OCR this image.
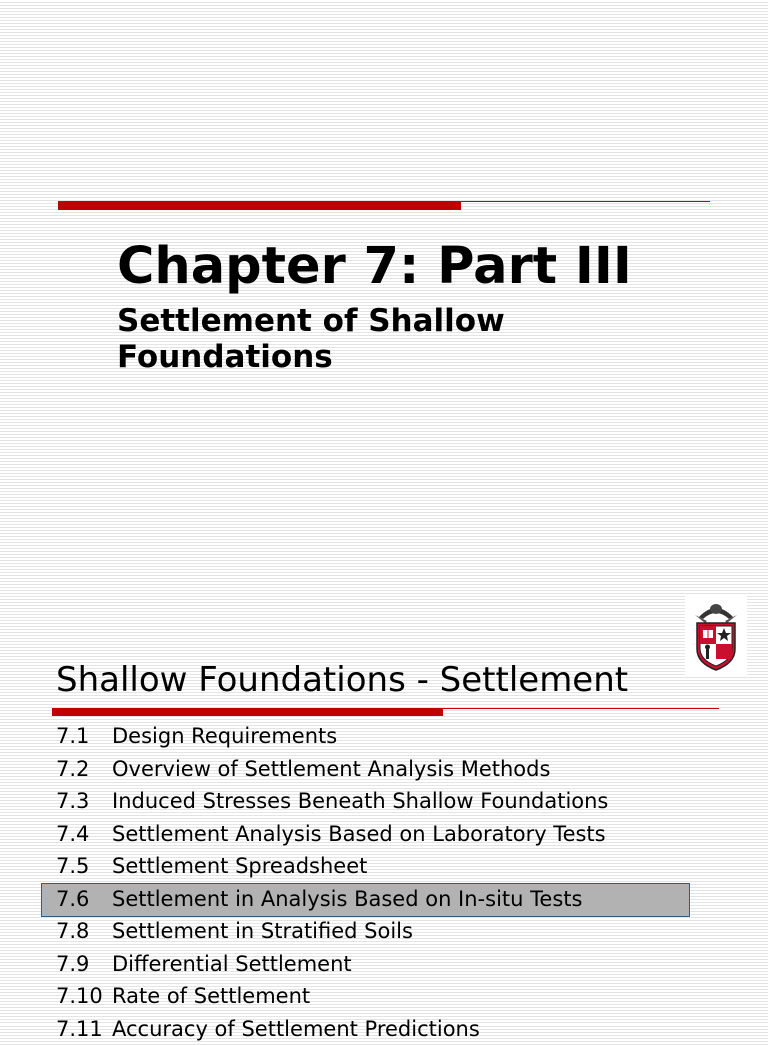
Chapter 7: Part III
Settlement of Shallow Foundations
Shallow Foundations - Settlement
7.1 Design Requirements
7.2 Overview of Settlement Analysis Methods
7.3 Induced Stresses Beneath Shallow Foundations
7.4 Settlement Analysis Based on Laboratory Tests
7.5 Settlement Spreadsheet
7.6 Settlement in Analysis Based on In-situ Tests
7.8 Settlement in Stratified Soils
7.9 Differential Settlement
7.10 Rate of Settlement
7.11 Accuracy of Settlement Predictions
